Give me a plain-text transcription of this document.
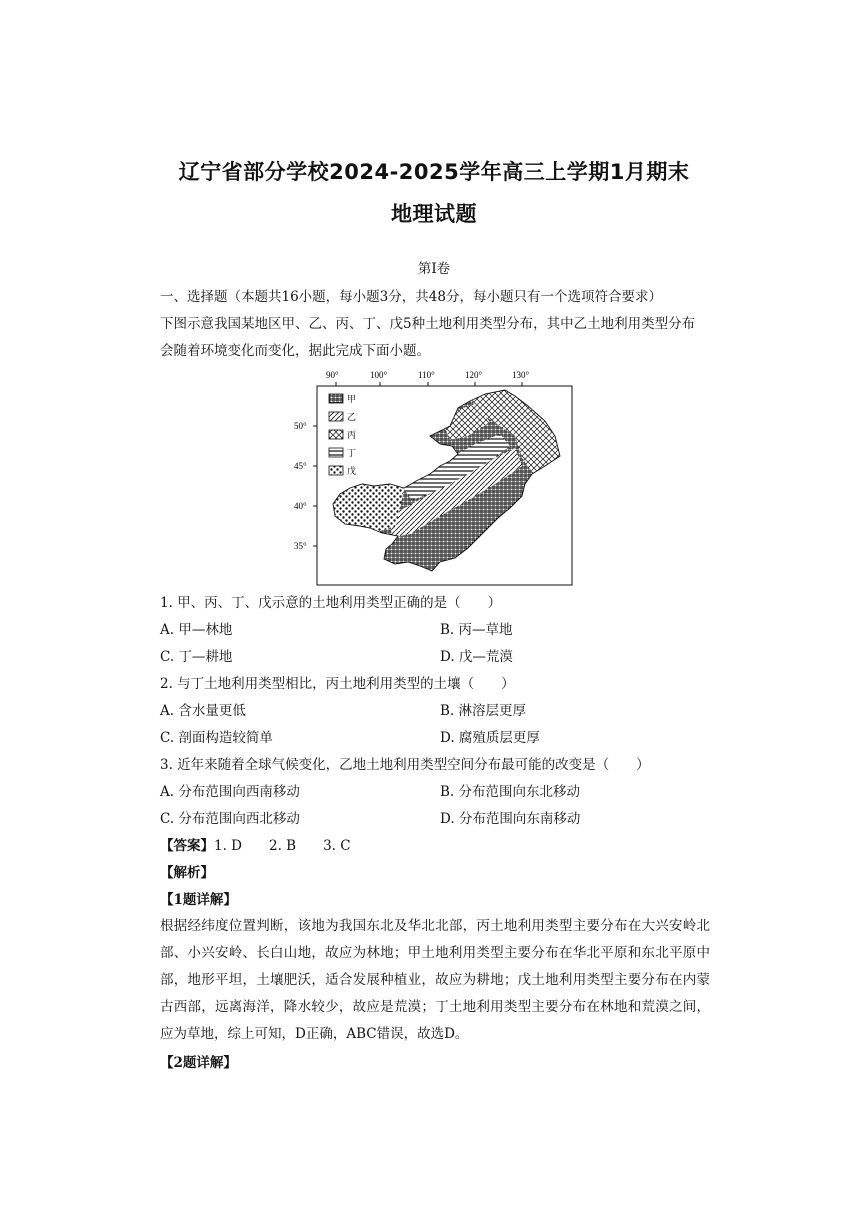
辽宁省部分学校2024-2025学年高三上学期1月期末
地理试题
第I卷
一、选择题（本题共16小题，每小题3分，共48分，每小题只有一个选项符合要求）
下图示意我国某地区甲、乙、丙、丁、戊5种土地利用类型分布，其中乙土地利用类型分布
会随着环境变化而变化，据此完成下面小题。
90°	100°	110°	120°	130°
50°
45°
40°
35°
甲
乙
丙
丁
戊
1. 甲、丙、丁、戊示意的土地利用类型正确的是（　　）
A. 甲—林地	B. 丙—草地
C. 丁—耕地	D. 戊—荒漠
2. 与丁土地利用类型相比，丙土地利用类型的土壤（　　）
A. 含水量更低	B. 淋溶层更厚
C. 剖面构造较简单	D. 腐殖质层更厚
3. 近年来随着全球气候变化，乙地土地利用类型空间分布最可能的改变是（　　）
A. 分布范围向西南移动	B. 分布范围向东北移动
C. 分布范围向西北移动	D. 分布范围向东南移动
【答案】1. D　　2. B　　3. C
【解析】
【1题详解】
根据经纬度位置判断，该地为我国东北及华北北部，丙土地利用类型主要分布在大兴安岭北部、小兴安岭、长白山地，故应为林地；甲土地利用类型主要分布在华北平原和东北平原中部，地形平坦，土壤肥沃，适合发展种植业，故应为耕地；戊土地利用类型主要分布在内蒙古西部，远离海洋，降水较少，故应是荒漠；丁土地利用类型主要分布在林地和荒漠之间，应为草地，综上可知，D正确，ABC错误，故选D。
【2题详解】
